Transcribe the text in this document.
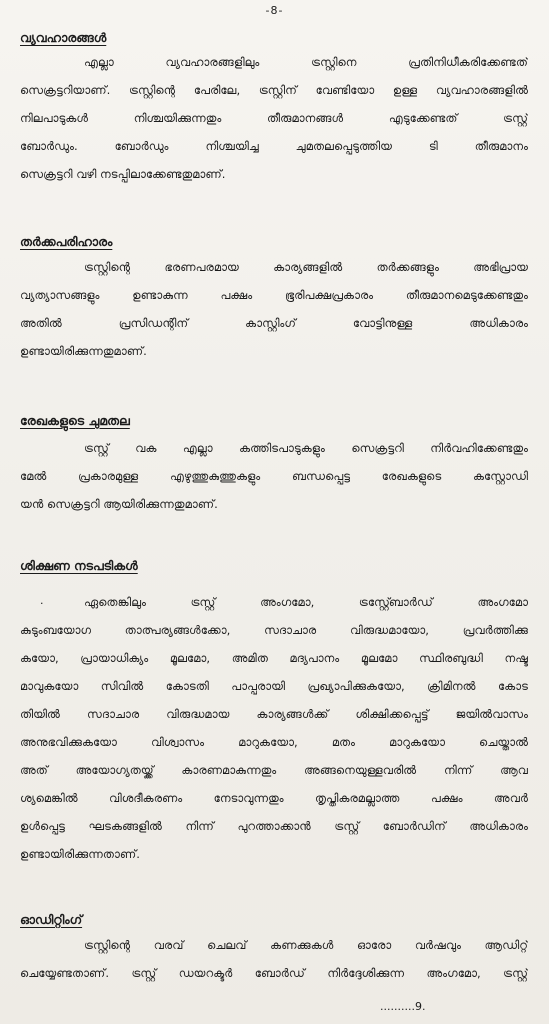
-8-
വ്യവഹാരങ്ങൾ
എല്ലാ വ്യവഹാരങ്ങളിലും ട്രസ്റ്റിനെ പ്രതിനിധീകരിക്കേണ്ടത്
സെക്രട്ടറിയാണ്. ട്രസ്റ്റിന്റെ പേരിലേ, ട്രസ്റ്റിന് വേണ്ടിയോ ഉള്ള വ്യവഹാരങ്ങളിൽ
നിലപാടുകൾ നിശ്ചയിക്കുന്നതും തീരുമാനങ്ങൾ എടുക്കേണ്ടത് ട്രസ്റ്റ്
ബോർഡും. ബോർഡും നിശ്ചയിച്ച ചുമതലപ്പെടുത്തിയ ടി തീരുമാനം
സെക്രട്ടറി വഴി നടപ്പിലാക്കേണ്ടതുമാണ്.
തർക്കപരിഹാരം
ട്രസ്റ്റിന്റെ ഭരണപരമായ കാര്യങ്ങളിൽ തർക്കങ്ങളും അഭിപ്രായ
വ്യത്യാസങ്ങളും ഉണ്ടാകുന്ന പക്ഷം ഭൂരിപക്ഷപ്രകാരം തീരുമാനമെടുക്കേണ്ടതും
അതിൽ പ്രസിഡന്റിന് കാസ്റ്റിംഗ് വോട്ടിനുള്ള അധികാരം
ഉണ്ടായിരിക്കുന്നതുമാണ്.
രേഖകളുടെ ചുമതല
ട്രസ്റ്റ് വക എല്ലാ കത്തിടപാടുകളും സെക്രട്ടറി നിർവഹിക്കേണ്ടതും
മേൽ പ്രകാരമുള്ള എഴുത്തുകുത്തുകളും ബന്ധപ്പെട്ട രേഖകളുടെ കസ്റ്റോഡി
യൻ സെക്രട്ടറി ആയിരിക്കുന്നതുമാണ്.
ശിക്ഷണ നടപടികൾ
.	ഏതെങ്കിലും ട്രസ്റ്റ് അംഗമോ, ട്രസ്റ്റ്ബോർഡ് അംഗമോ
കുടുംബയോഗ താത്പര്യങ്ങൾക്കോ, സദാചാര വിരുദ്ധമായോ, പ്രവർത്തിക്കു
കയോ, പ്രായാധിക്യം മൂലമോ, അമിത മദ്യപാനം മൂലമോ സ്ഥിരബുദ്ധി നഷ്ട
മാവുകയോ സിവിൽ കോടതി പാപ്പരായി പ്രഖ്യാപിക്കുകയോ, ക്രിമിനൽ കോട
തിയിൽ സദാചാര വിരുദ്ധമായ കാര്യങ്ങൾക്ക് ശിക്ഷിക്കപ്പെട്ട് ജയിൽവാസം
അനുഭവിക്കുകയോ വിശ്വാസം മാറുകയോ, മതം മാറുകയോ ചെയ്താൽ
അത് അയോഗ്യതയ്ക്ക് കാരണമാകുന്നതും അങ്ങനെയുള്ളവരിൽ നിന്ന് ആവ
ശ്യമെങ്കിൽ വിശദീകരണം നേടാവുന്നതും തൃപ്തികരമല്ലാത്ത പക്ഷം അവർ
ഉൾപ്പെട്ട ഘടകങ്ങളിൽ നിന്ന് പുറത്താക്കാൻ ട്രസ്റ്റ് ബോർഡിന് അധികാരം
ഉണ്ടായിരിക്കുന്നതാണ്.
ഓഡിറ്റിംഗ്
ട്രസ്റ്റിന്റെ വരവ് ചെലവ് കണക്കുകൾ ഓരോ വർഷവും ആഡിറ്റ്
ചെയ്യേണ്ടതാണ്. ട്രസ്റ്റ് ഡയറക്ടർ ബോർഡ് നിർദ്ദേശിക്കുന്ന അംഗമോ, ട്രസ്റ്റ്
..........9.
